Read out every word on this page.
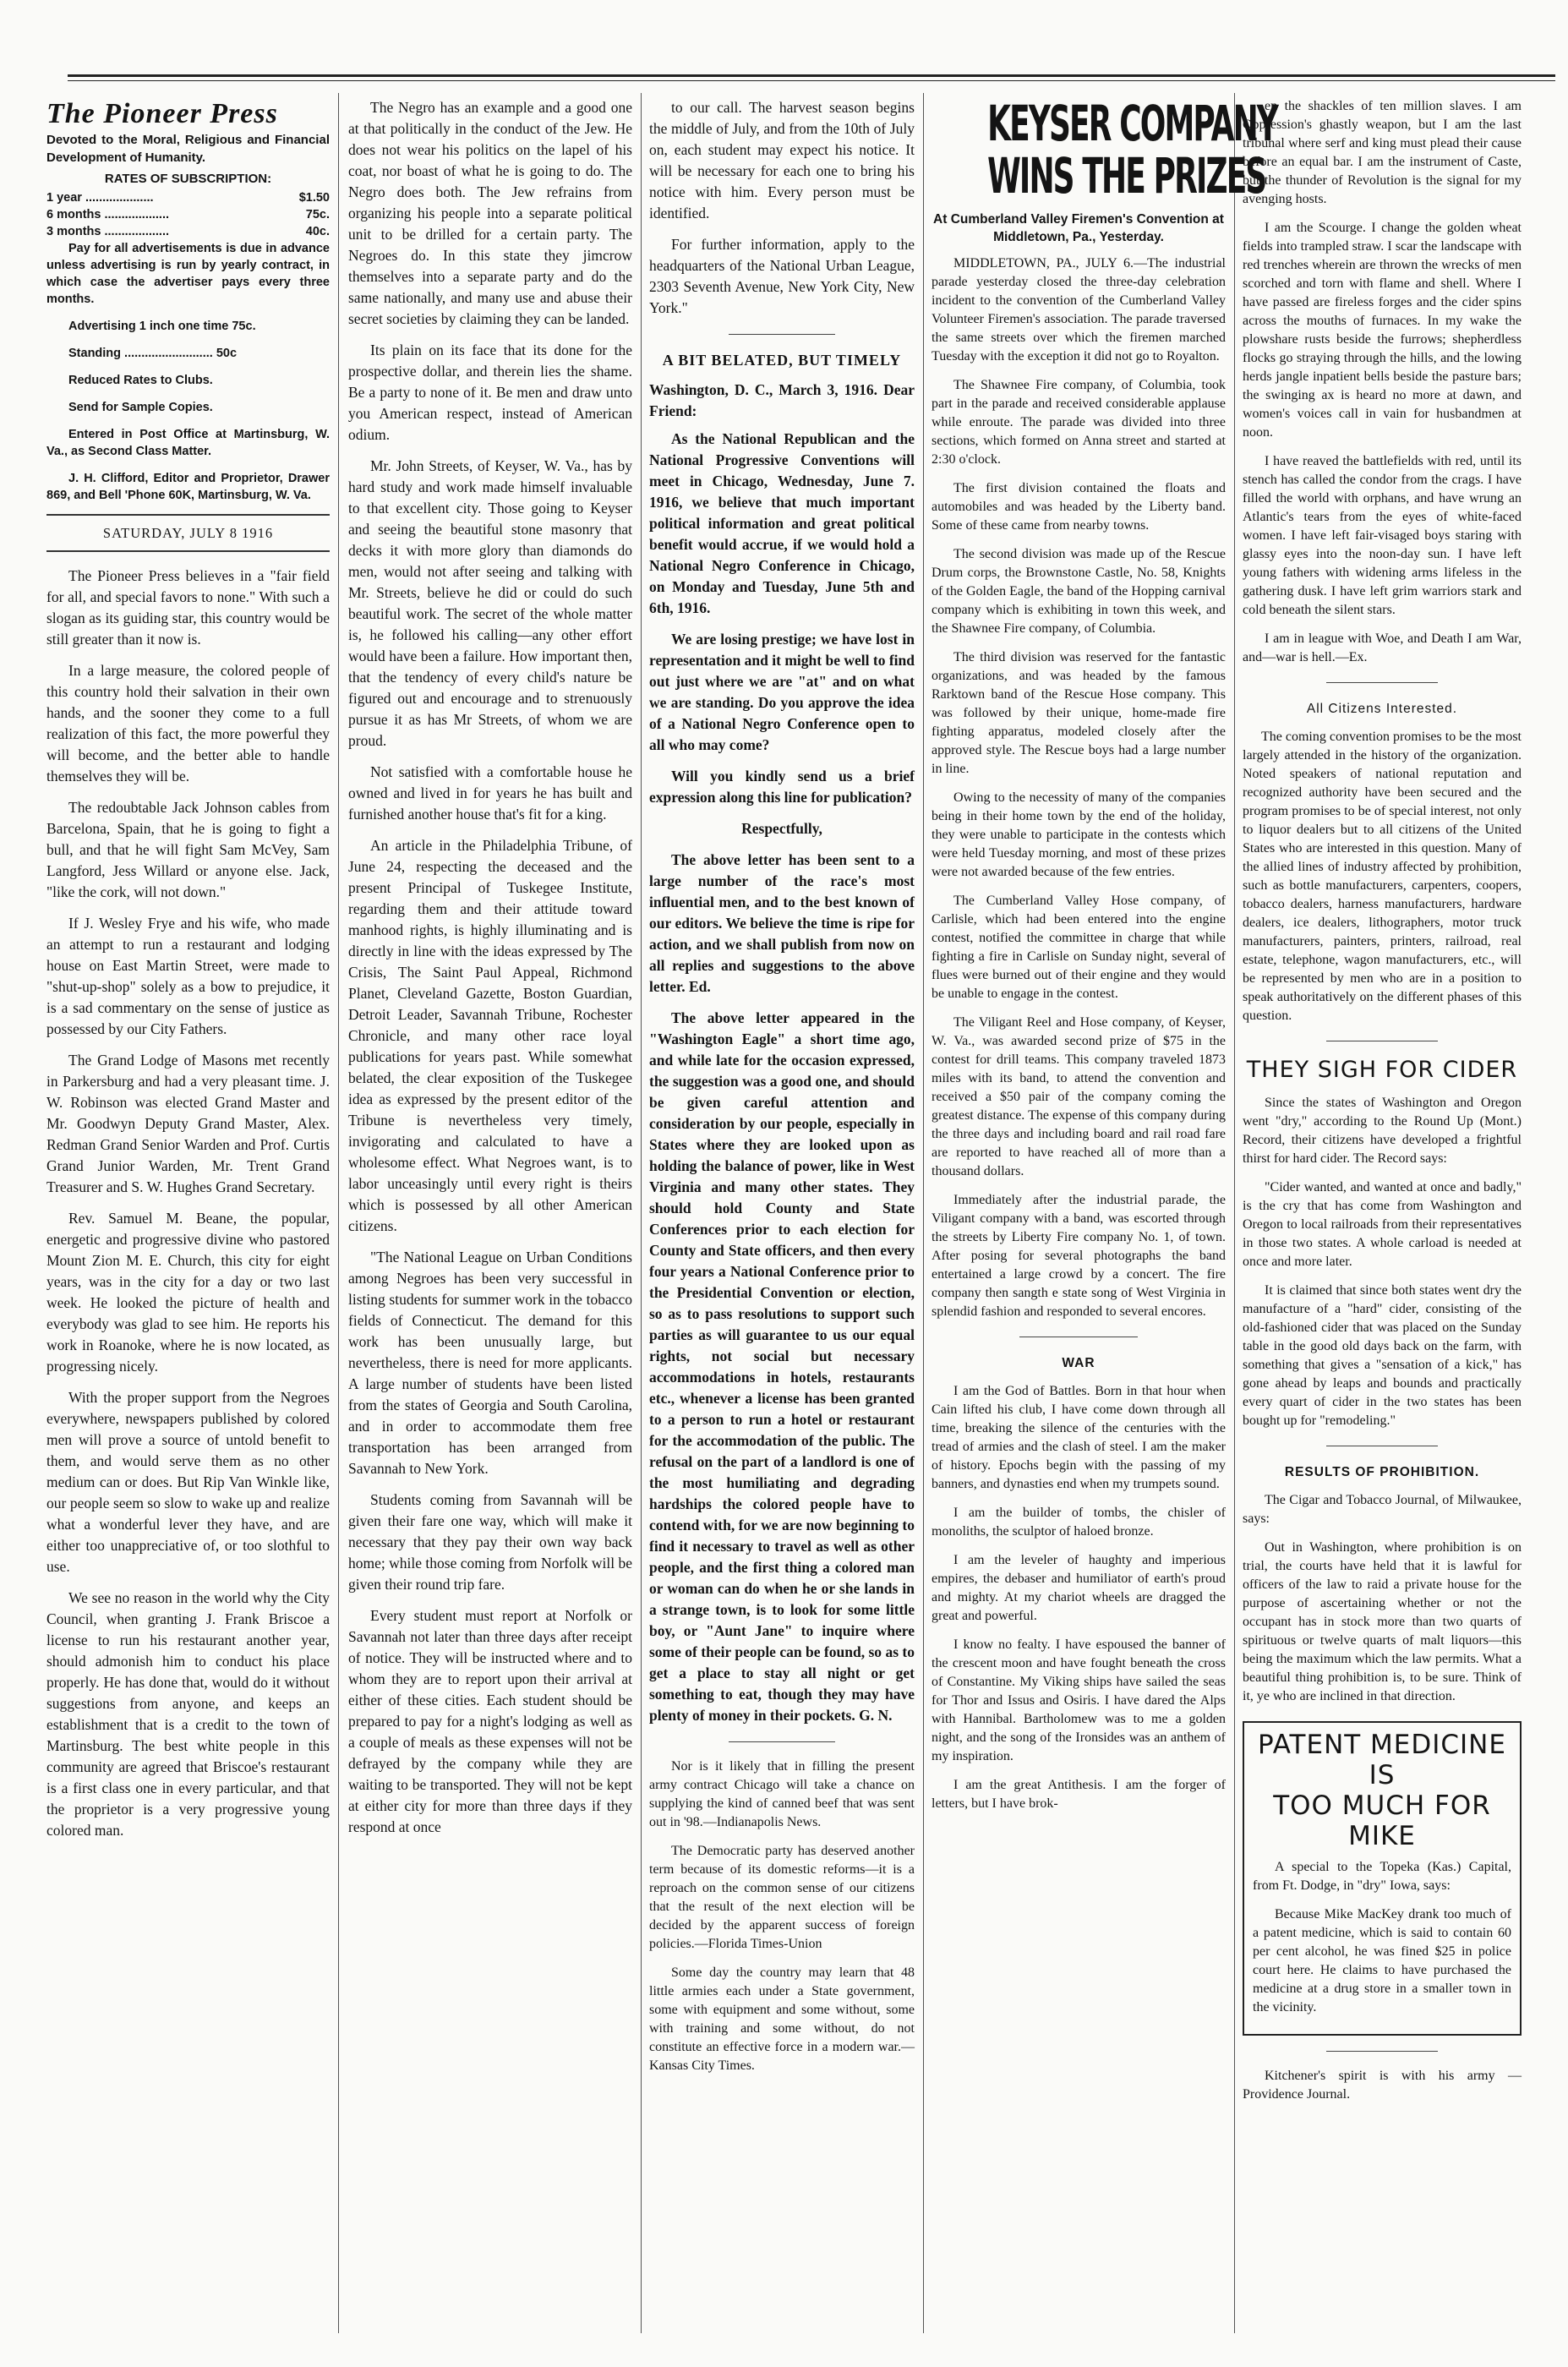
The Pioneer Press
Devoted to the Moral, Religious and Financial Development of Humanity.
RATES OF SUBSCRIPTION:
1 year ....................	$1.50
6 months ...................	75c.
3 months ...................	40c.

Pay for all advertisements is due in advance unless advertising is run by yearly contract, in which case the advertiser pays every three months.

Advertising 1 inch one time 75c.

Standing .......................... 50c

Reduced Rates to Clubs.

Send for Sample Copies.

Entered in Post Office at Martinsburg, W. Va., as Second Class Matter.

J. H. Clifford, Editor and Proprietor, Drawer 869, and Bell 'Phone 60K, Martinsburg, W. Va.

SATURDAY, JULY 8 1916

The Pioneer Press believes in a "fair field for all, and special favors to none." With such a slogan as its guiding star, this country would be still greater than it now is.

In a large measure, the colored people of this country hold their salvation in their own hands, and the sooner they come to a full realization of this fact, the more powerful they will become, and the better able to handle themselves they will be.

The redoubtable Jack Johnson cables from Barcelona, Spain, that he is going to fight a bull, and that he will fight Sam McVey, Sam Langford, Jess Willard or anyone else. Jack, "like the cork, will not down."

If J. Wesley Frye and his wife, who made an attempt to run a restaurant and lodging house on East Martin Street, were made to "shut-up-shop" solely as a bow to prejudice, it is a sad commentary on the sense of justice as possessed by our City Fathers.

The Grand Lodge of Masons met recently in Parkersburg and had a very pleasant time. J. W. Robinson was elected Grand Master and Mr. Goodwyn Deputy Grand Master, Alex. Redman Grand Senior Warden and Prof. Curtis Grand Junior Warden, Mr. Trent Grand Treasurer and S. W. Hughes Grand Secretary.

Rev. Samuel M. Beane, the popular, energetic and progressive divine who pastored Mount Zion M. E. Church, this city for eight years, was in the city for a day or two last week. He looked the picture of health and everybody was glad to see him. He reports his work in Roanoke, where he is now located, as progressing nicely.

With the proper support from the Negroes everywhere, newspapers published by colored men will prove a source of untold benefit to them, and would serve them as no other medium can or does. But Rip Van Winkle like, our people seem so slow to wake up and realize what a wonderful lever they have, and are either too unappreciative of, or too slothful to use.

We see no reason in the world why the City Council, when granting J. Frank Briscoe a license to run his restaurant another year, should admonish him to conduct his place properly. He has done that, would do it without suggestions from anyone, and keeps an establishment that is a credit to the town of Martinsburg. The best white people in this community are agreed that Briscoe's restaurant is a first class one in every particular, and that the proprietor is a very progressive young colored man.

The Negro has an example and a good one at that politically in the conduct of the Jew. He does not wear his politics on the lapel of his coat, nor boast of what he is going to do. The Negro does both. The Jew refrains from organizing his people into a separate political unit to be drilled for a certain party. The Negroes do. In this state they jimcrow themselves into a separate party and do the same nationally, and many use and abuse their secret societies by claiming they can be landed.

Its plain on its face that its done for the prospective dollar, and therein lies the shame. Be a party to none of it. Be men and draw unto you American respect, instead of American odium.

Mr. John Streets, of Keyser, W. Va., has by hard study and work made himself invaluable to that excellent city. Those going to Keyser and seeing the beautiful stone masonry that decks it with more glory than diamonds do men, would not after seeing and talking with Mr. Streets, believe he did or could do such beautiful work. The secret of the whole matter is, he followed his calling—any other effort would have been a failure. How important then, that the tendency of every child's nature be figured out and encourage and to strenuously pursue it as has Mr Streets, of whom we are proud.

Not satisfied with a comfortable house he owned and lived in for years he has built and furnished another house that's fit for a king.

An article in the Philadelphia Tribune, of June 24, respecting the deceased and the present Principal of Tuskegee Institute, regarding them and their attitude toward manhood rights, is highly illuminating and is directly in line with the ideas expressed by The Crisis, The Saint Paul Appeal, Richmond Planet, Cleveland Gazette, Boston Guardian, Detroit Leader, Savannah Tribune, Rochester Chronicle, and many other race loyal publications for years past. While somewhat belated, the clear exposition of the Tuskegee idea as expressed by the present editor of the Tribune is nevertheless very timely, invigorating and calculated to have a wholesome effect. What Negroes want, is to labor unceasingly until every right is theirs which is possessed by all other American citizens.

"The National League on Urban Conditions among Negroes has been very successful in listing students for summer work in the tobacco fields of Connecticut. The demand for this work has been unusually large, but nevertheless, there is need for more applicants. A large number of students have been listed from the states of Georgia and South Carolina, and in order to accommodate them free transportation has been arranged from Savannah to New York.

Students coming from Savannah will be given their fare one way, which will make it necessary that they pay their own way back home; while those coming from Norfolk will be given their round trip fare.

Every student must report at Norfolk or Savannah not later than three days after receipt of notice. They will be instructed where and to whom they are to report upon their arrival at either of these cities. Each student should be prepared to pay for a night's lodging as well as a couple of meals as these expenses will not be defrayed by the company while they are waiting to be transported. They will not be kept at either city for more than three days if they respond at once

to our call. The harvest season begins the middle of July, and from the 10th of July on, each student may expect his notice. It will be necessary for each one to bring his notice with him. Every person must be identified.

For further information, apply to the headquarters of the National Urban League, 2303 Seventh Avenue, New York City, New York."

A BIT BELATED, BUT TIMELY
Washington, D. C., March 3, 1916. Dear Friend:

As the National Republican and the National Progressive Conventions will meet in Chicago, Wednesday, June 7. 1916, we believe that much important political information and great political benefit would accrue, if we would hold a National Negro Conference in Chicago, on Monday and Tuesday, June 5th and 6th, 1916.

We are losing prestige; we have lost in representation and it might be well to find out just where we are "at" and on what we are standing. Do you approve the idea of a National Negro Conference open to all who may come?

Will you kindly send us a brief expression along this line for publication?

Respectfully,

The above letter has been sent to a large number of the race's most influential men, and to the best known of our editors. We believe the time is ripe for action, and we shall publish from now on all replies and suggestions to the above letter. Ed.

The above letter appeared in the "Washington Eagle" a short time ago, and while late for the occasion expressed, the suggestion was a good one, and should be given careful attention and consideration by our people, especially in States where they are looked upon as holding the balance of power, like in West Virginia and many other states. They should hold County and State Conferences prior to each election for County and State officers, and then every four years a National Conference prior to the Presidential Convention or election, so as to pass resolutions to support such parties as will guarantee to us our equal rights, not social but necessary accommodations in hotels, restaurants etc., whenever a license has been granted to a person to run a hotel or restaurant for the accommodation of the public. The refusal on the part of a landlord is one of the most humiliating and degrading hardships the colored people have to contend with, for we are now beginning to find it necessary to travel as well as other people, and the first thing a colored man or woman can do when he or she lands in a strange town, is to look for some little boy, or "Aunt Jane" to inquire where some of their people can be found, so as to get a place to stay all night or get something to eat, though they may have plenty of money in their pockets. G. N.

Nor is it likely that in filling the present army contract Chicago will take a chance on supplying the kind of canned beef that was sent out in '98.—Indianapolis News.

The Democratic party has deserved another term because of its domestic reforms—it is a reproach on the common sense of our citizens that the result of the next election will be decided by the apparent success of foreign policies.—Florida Times-Union

Some day the country may learn that 48 little armies each under a State government, some with equipment and some without, some with training and some without, do not constitute an effective force in a modern war.—Kansas City Times.

KEYSER COMPANY
WINS THE PRIZES
At Cumberland Valley Firemen's Convention at Middletown, Pa., Yesterday.

MIDDLETOWN, PA., JULY 6.—The industrial parade yesterday closed the three-day celebration incident to the convention of the Cumberland Valley Volunteer Firemen's association. The parade traversed the same streets over which the firemen marched Tuesday with the exception it did not go to Royalton.

The Shawnee Fire company, of Columbia, took part in the parade and received considerable applause while enroute. The parade was divided into three sections, which formed on Anna street and started at 2:30 o'clock.

The first division contained the floats and automobiles and was headed by the Liberty band. Some of these came from nearby towns.

The second division was made up of the Rescue Drum corps, the Brownstone Castle, No. 58, Knights of the Golden Eagle, the band of the Hopping carnival company which is exhibiting in town this week, and the Shawnee Fire company, of Columbia.

The third division was reserved for the fantastic organizations, and was headed by the famous Rarktown band of the Rescue Hose company. This was followed by their unique, home-made fire fighting apparatus, modeled closely after the approved style. The Rescue boys had a large number in line.

Owing to the necessity of many of the companies being in their home town by the end of the holiday, they were unable to participate in the contests which were held Tuesday morning, and most of these prizes were not awarded because of the few entries.

The Cumberland Valley Hose company, of Carlisle, which had been entered into the engine contest, notified the committee in charge that while fighting a fire in Carlisle on Sunday night, several of flues were burned out of their engine and they would be unable to engage in the contest.

The Viligant Reel and Hose company, of Keyser, W. Va., was awarded second prize of $75 in the contest for drill teams. This company traveled 1873 miles with its band, to attend the convention and received a $50 pair of the company coming the greatest distance. The expense of this company during the three days and including board and rail road fare are reported to have reached all of more than a thousand dollars.

Immediately after the industrial parade, the Viligant company with a band, was escorted through the streets by Liberty Fire company No. 1, of town. After posing for several photographs the band entertained a large crowd by a concert. The fire company then sangth e state song of West Virginia in splendid fashion and responded to several encores.

WAR

I am the God of Battles. Born in that hour when Cain lifted his club, I have come down through all time, breaking the silence of the centuries with the tread of armies and the clash of steel. I am the maker of history. Epochs begin with the passing of my banners, and dynasties end when my trumpets sound.

I am the builder of tombs, the chisler of monoliths, the sculptor of haloed bronze.

I am the leveler of haughty and imperious empires, the debaser and humiliator of earth's proud and mighty. At my chariot wheels are dragged the great and powerful.

I know no fealty. I have espoused the banner of the crescent moon and have fought beneath the cross of Constantine. My Viking ships have sailed the seas for Thor and Issus and Osiris. I have dared the Alps with Hannibal. Bartholomew was to me a golden night, and the song of the Ironsides was an anthem of my inspiration.

I am the great Antithesis. I am the forger of letters, but I have brok-

en the shackles of ten million slaves. I am Oppression's ghastly weapon, but I am the last tribunal where serf and king must plead their cause before an equal bar. I am the instrument of Caste, but the thunder of Revolution is the signal for my avenging hosts.

I am the Scourge. I change the golden wheat fields into trampled straw. I scar the landscape with red trenches wherein are thrown the wrecks of men scorched and torn with flame and shell. Where I have passed are fireless forges and the cider spins across the mouths of furnaces. In my wake the plowshare rusts beside the furrows; shepherdless flocks go straying through the hills, and the lowing herds jangle inpatient bells beside the pasture bars; the swinging ax is heard no more at dawn, and women's voices call in vain for husbandmen at noon.

I have reaved the battlefields with red, until its stench has called the condor from the crags. I have filled the world with orphans, and have wrung an Atlantic's tears from the eyes of white-faced women. I have left fair-visaged boys staring with glassy eyes into the noon-day sun. I have left young fathers with widening arms lifeless in the gathering dusk. I have left grim warriors stark and cold beneath the silent stars.

I am in league with Woe, and Death I am War, and—war is hell.—Ex.

All Citizens Interested.

The coming convention promises to be the most largely attended in the history of the organization. Noted speakers of national reputation and recognized authority have been secured and the program promises to be of special interest, not only to liquor dealers but to all citizens of the United States who are interested in this question. Many of the allied lines of industry affected by prohibition, such as bottle manufacturers, carpenters, coopers, tobacco dealers, harness manufacturers, hardware dealers, ice dealers, lithographers, motor truck manufacturers, painters, printers, railroad, real estate, telephone, wagon manufacturers, etc., will be represented by men who are in a position to speak authoritatively on the different phases of this question.

THEY SIGH FOR CIDER

Since the states of Washington and Oregon went "dry," according to the Round Up (Mont.) Record, their citizens have developed a frightful thirst for hard cider. The Record says:

"Cider wanted, and wanted at once and badly," is the cry that has come from Washington and Oregon to local railroads from their representatives in those two states. A whole carload is needed at once and more later.

It is claimed that since both states went dry the manufacture of a "hard" cider, consisting of the old-fashioned cider that was placed on the Sunday table in the good old days back on the farm, with something that gives a "sensation of a kick," has gone ahead by leaps and bounds and practically every quart of cider in the two states has been bought up for "remodeling."

RESULTS OF PROHIBITION.

The Cigar and Tobacco Journal, of Milwaukee, says:

Out in Washington, where prohibition is on trial, the courts have held that it is lawful for officers of the law to raid a private house for the purpose of ascertaining whether or not the occupant has in stock more than two quarts of spirituous or twelve quarts of malt liquors—this being the maximum which the law permits. What a beautiful thing prohibition is, to be sure. Think of it, ye who are inclined in that direction.

PATENT MEDICINE IS
TOO MUCH FOR MIKE

A special to the Topeka (Kas.) Capital, from Ft. Dodge, in "dry" Iowa, says:

Because Mike MacKey drank too much of a patent medicine, which is said to contain 60 per cent alcohol, he was fined $25 in police court here. He claims to have purchased the medicine at a drug store in a smaller town in the vicinity.

Kitchener's spirit is with his army —Providence Journal.
